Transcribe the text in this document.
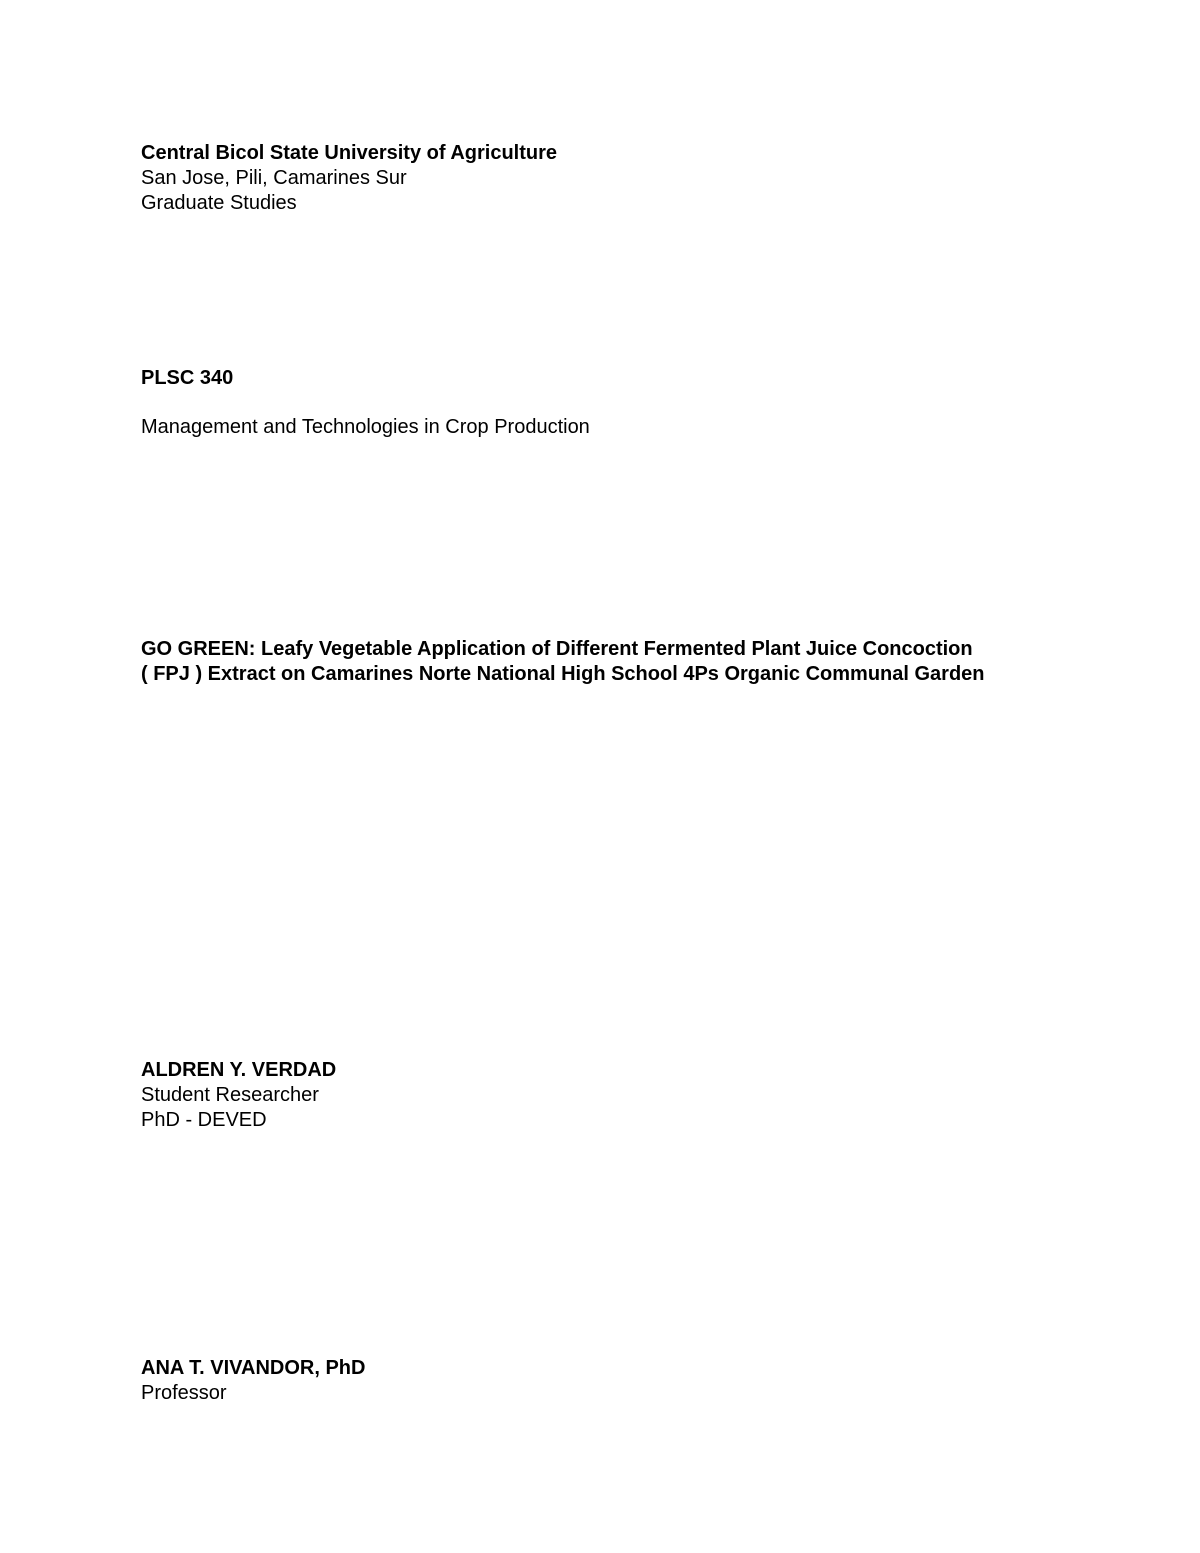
Central Bicol State University of Agriculture
San Jose, Pili, Camarines Sur
Graduate Studies
PLSC 340
Management and Technologies in Crop Production
GO GREEN: Leafy Vegetable Application of Different Fermented Plant Juice Concoction
( FPJ ) Extract on Camarines Norte National High School 4Ps Organic Communal Garden
ALDREN Y. VERDAD
Student Researcher
PhD - DEVED
ANA T. VIVANDOR, PhD
Professor
